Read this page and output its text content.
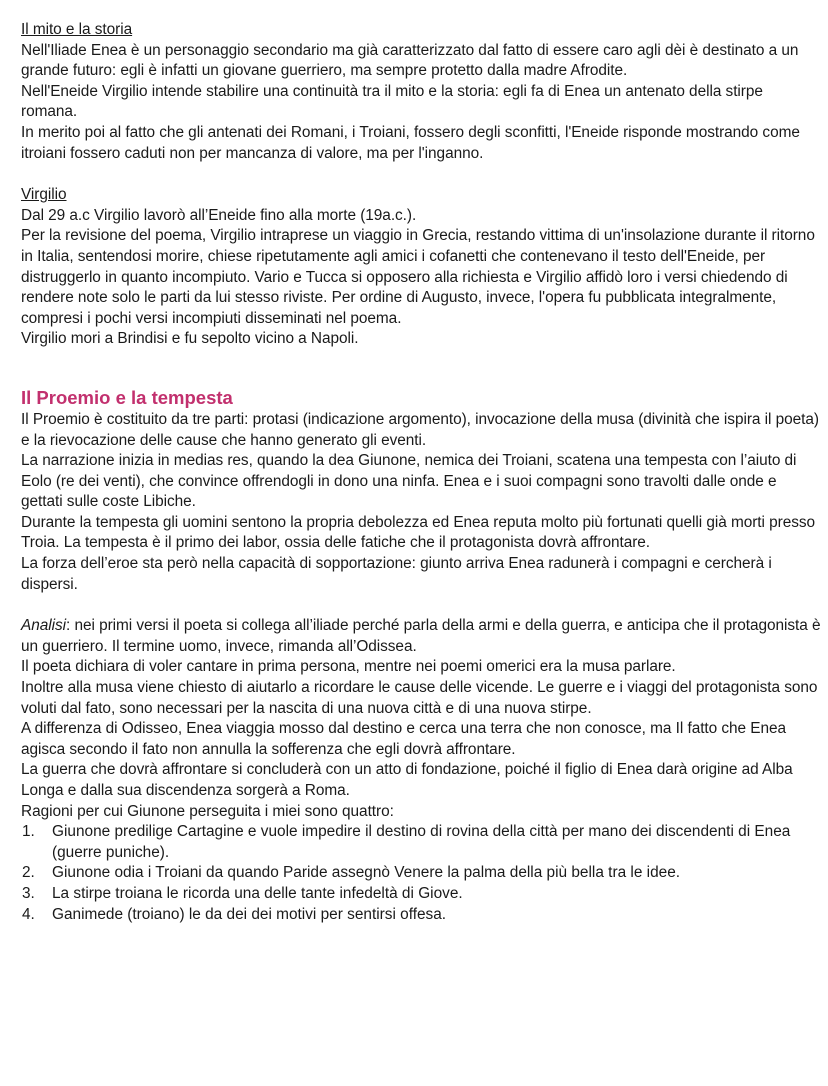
Il mito e la storia

Nell'Iliade Enea è un personaggio secondario ma già caratterizzato dal fatto di essere caro agli dèi è destinato a un grande futuro: egli è infatti un giovane guerriero, ma sempre protetto dalla madre Afrodite.

Nell'Eneide Virgilio intende stabilire una continuità tra il mito e la storia: egli fa di Enea un antenato della stirpe romana.

In merito poi al fatto che gli antenati dei Romani, i Troiani, fossero degli sconfitti, l'Eneide risponde mostrando come itroiani fossero caduti non per mancanza di valore, ma per l'inganno.

Virgilio

Dal 29 a.c Virgilio lavorò all’Eneide fino alla morte (19a.c.).

Per la revisione del poema, Virgilio intraprese un viaggio in Grecia, restando vittima di un'insolazione durante il ritorno in Italia, sentendosi morire, chiese ripetutamente agli amici i cofanetti che contenevano il testo dell'Eneide, per distruggerlo in quanto incompiuto. Vario e Tucca si opposero alla richiesta e Virgilio affidò loro i versi chiedendo di rendere note solo le parti da lui stesso riviste. Per ordine di Augusto, invece, l'opera fu pubblicata integralmente, compresi i pochi versi incompiuti disseminati nel poema.

Virgilio mori a Brindisi e fu sepolto vicino a Napoli.

Il Proemio e la tempesta

Il Proemio è costituito da tre parti: protasi (indicazione argomento), invocazione della musa (divinità che ispira il poeta) e la rievocazione delle cause che hanno generato gli eventi.

La narrazione inizia in medias res, quando la dea Giunone, nemica dei Troiani, scatena una tempesta con l’aiuto di Eolo (re dei venti), che convince offrendogli in dono una ninfa. Enea e i suoi compagni sono travolti dalle onde e gettati sulle coste Libiche.

Durante la tempesta gli uomini sentono la propria debolezza ed Enea reputa molto più fortunati quelli già morti presso Troia. La tempesta è il primo dei labor, ossia delle fatiche che il protagonista dovrà affrontare.

La forza dell’eroe sta però nella capacità di sopportazione: giunto arriva Enea radunerà i compagni e cercherà i dispersi.

Analisi: nei primi versi il poeta si collega all’iliade perché parla della armi e della guerra, e anticipa che il protagonista è un guerriero. Il termine uomo, invece, rimanda all’Odissea.

Il poeta dichiara di voler cantare in prima persona, mentre nei poemi omerici era la musa parlare.

Inoltre alla musa viene chiesto di aiutarlo a ricordare le cause delle vicende. Le guerre e i viaggi del protagonista sono voluti dal fato, sono necessari per la nascita di una nuova città e di una nuova stirpe.

A differenza di Odisseo, Enea viaggia mosso dal destino e cerca una terra che non conosce, ma Il fatto che Enea agisca secondo il fato non annulla la sofferenza che egli dovrà affrontare.

La guerra che dovrà affrontare si concluderà con un atto di fondazione, poiché il figlio di Enea darà origine ad Alba Longa e dalla sua discendenza sorgerà a Roma.

Ragioni per cui Giunone perseguita i miei sono quattro:

1. Giunone predilige Cartagine e vuole impedire il destino di rovina della città per mano dei discendenti di Enea (guerre puniche).
2. Giunone odia i Troiani da quando Paride assegnò Venere la palma della più bella tra le idee.
3. La stirpe troiana le ricorda una delle tante infedeltà di Giove.
4. Ganimede (troiano) le da dei dei motivi per sentirsi offesa.
